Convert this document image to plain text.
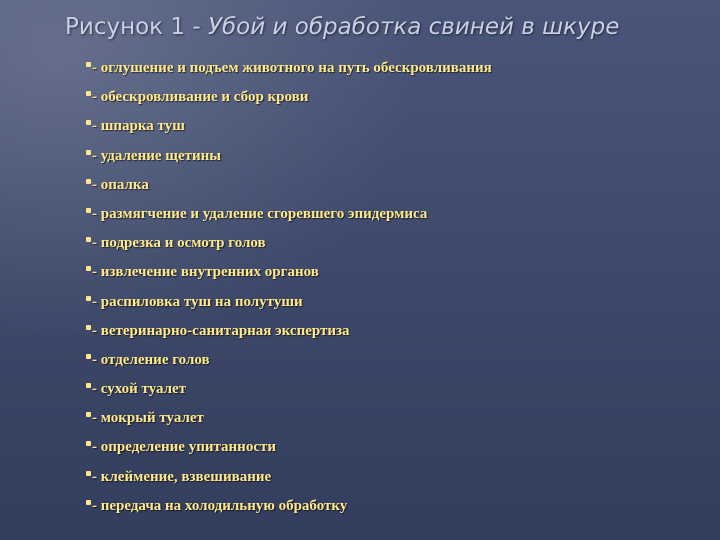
Рисунок 1 - Убой и обработка свиней в шкуре
- оглушение и подъем животного на путь обескровливания
- обескровливание и сбор крови
- шпарка туш
- удаление щетины
- опалка
- размягчение и удаление сгоревшего эпидермиса
- подрезка и осмотр голов
- извлечение внутренних органов
- распиловка туш на полутуши
- ветеринарно-санитарная экспертиза
- отделение голов
- сухой туалет
- мокрый туалет
- определение упитанности
- клеймение, взвешивание
- передача на холодильную обработку
